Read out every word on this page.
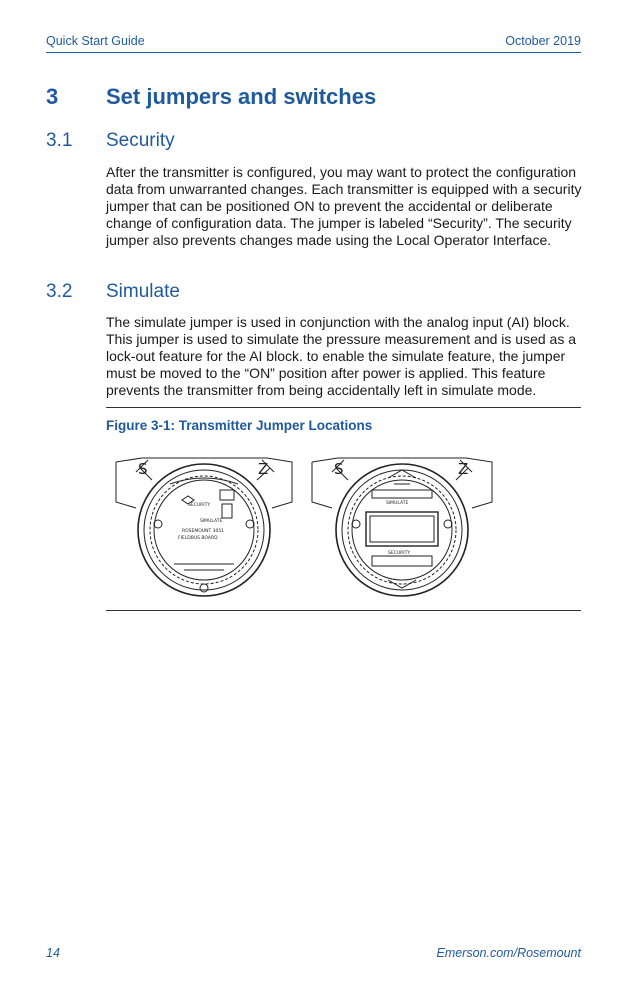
Quick Start Guide	October 2019
3 Set jumpers and switches
3.1 Security
After the transmitter is configured, you may want to protect the configuration data from unwarranted changes. Each transmitter is equipped with a security jumper that can be positioned ON to prevent the accidental or deliberate change of configuration data. The jumper is labeled “Security”. The security jumper also prevents changes made using the Local Operator Interface.
3.2 Simulate
The simulate jumper is used in conjunction with the analog input (AI) block. This jumper is used to simulate the pressure measurement and is used as a lock-out feature for the AI block. to enable the simulate feature, the jumper must be moved to the “ON” position after power is applied. This feature prevents the transmitter from being accidentally left in simulate mode.
Figure 3-1: Transmitter Jumper Locations
S	Z
SECURITY
SIMULATE
ROSEMOUNT 3051
FIELDBUS BOARD
S	Z
SIMULATE
SECURITY
14	Emerson.com/Rosemount
